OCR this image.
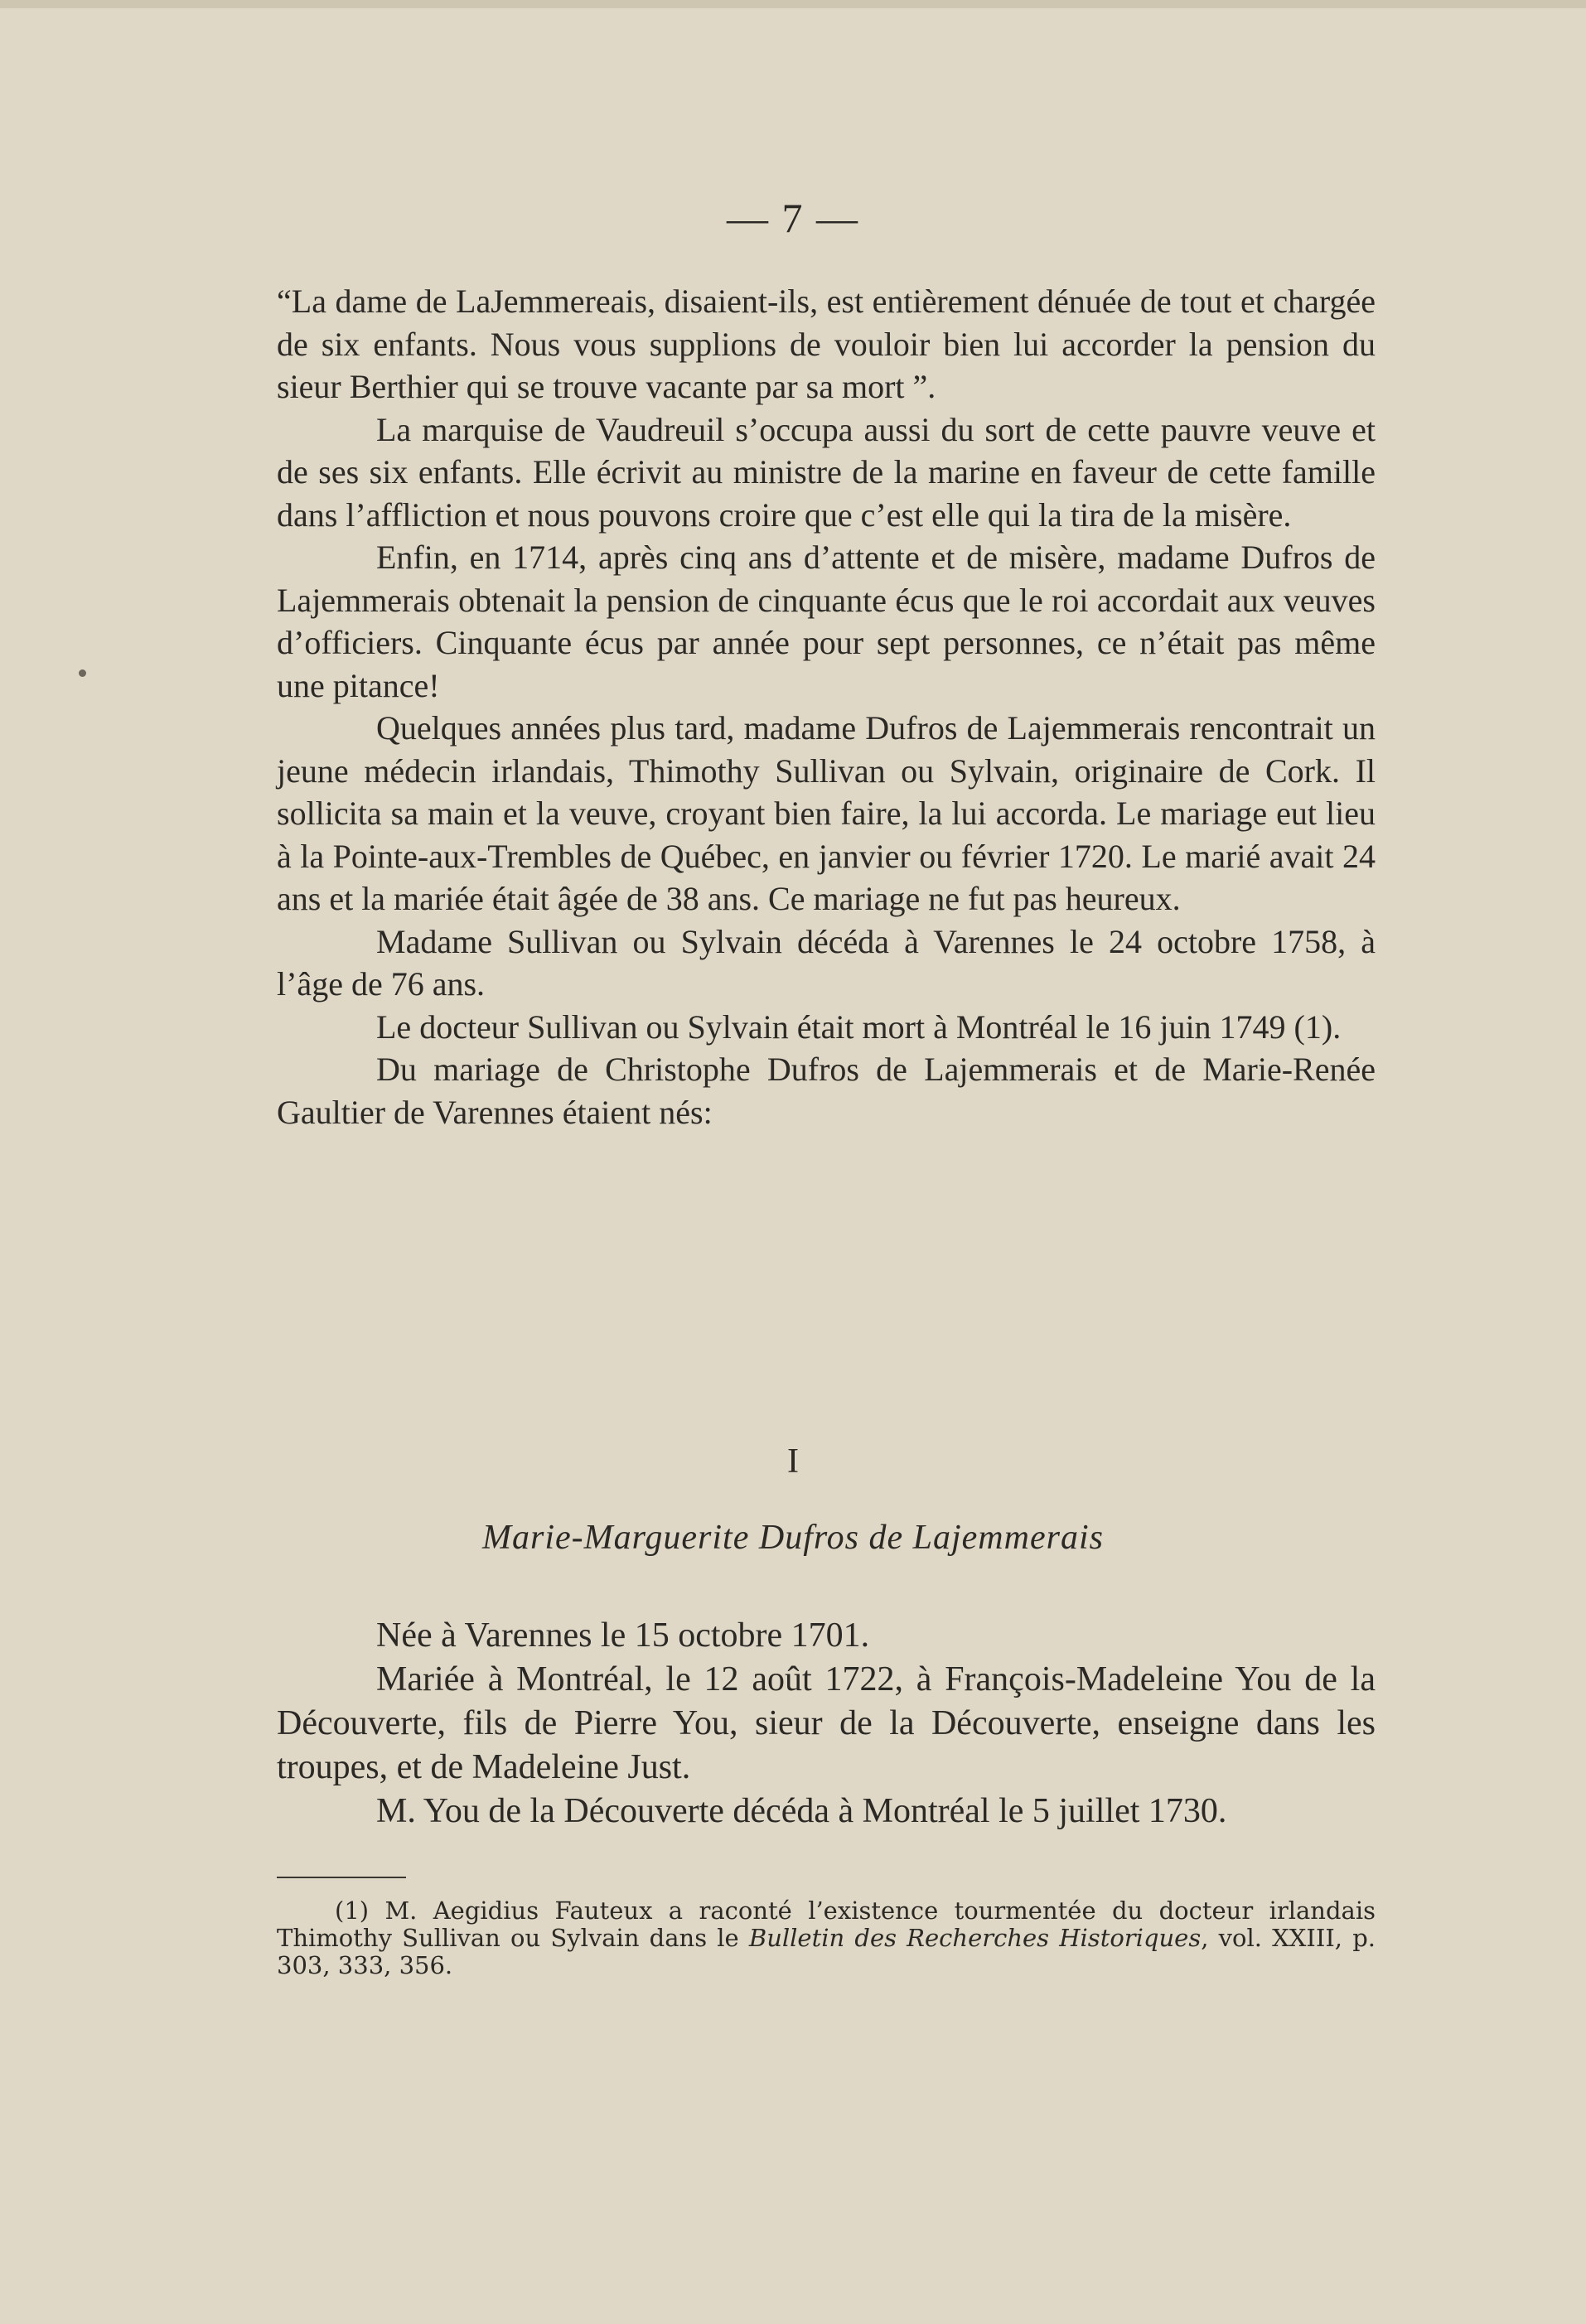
— 7 —

“La dame de LaJemmereais, disaient-ils, est entièrement dénuée de tout et chargée de six enfants. Nous vous supplions de vouloir bien lui accorder la pension du sieur Berthier qui se trouve vacante par sa mort ”.

La marquise de Vaudreuil s’occupa aussi du sort de cette pauvre veuve et de ses six enfants. Elle écrivit au ministre de la marine en faveur de cette famille dans l’affliction et nous pouvons croire que c’est elle qui la tira de la misère.

Enfin, en 1714, après cinq ans d’attente et de misère, madame Dufros de Lajemmerais obtenait la pension de cinquante écus que le roi accordait aux veuves d’officiers. Cinquante écus par année pour sept personnes, ce n’était pas même une pitance!

Quelques années plus tard, madame Dufros de Lajemmerais rencontrait un jeune médecin irlandais, Thimothy Sullivan ou Sylvain, originaire de Cork. Il sollicita sa main et la veuve, croyant bien faire, la lui accorda. Le mariage eut lieu à la Pointe-aux-Trembles de Québec, en janvier ou février 1720. Le marié avait 24 ans et la mariée était âgée de 38 ans. Ce mariage ne fut pas heureux.

Madame Sullivan ou Sylvain décéda à Varennes le 24 octobre 1758, à l’âge de 76 ans.

Le docteur Sullivan ou Sylvain était mort à Montréal le 16 juin 1749 (1).

Du mariage de Christophe Dufros de Lajemmerais et de Marie-Renée Gaultier de Varennes étaient nés:

I
Marie-Marguerite Dufros de Lajemmerais

Née à Varennes le 15 octobre 1701.

Mariée à Montréal, le 12 août 1722, à François-Madeleine You de la Découverte, fils de Pierre You, sieur de la Découverte, enseigne dans les troupes, et de Madeleine Just.

M. You de la Découverte décéda à Montréal le 5 juillet 1730.

(1) M. Aegidius Fauteux a raconté l’existence tourmentée du docteur irlandais Thimothy Sullivan ou Sylvain dans le Bulletin des Recherches Historiques, vol. XXIII, p. 303, 333, 356.
